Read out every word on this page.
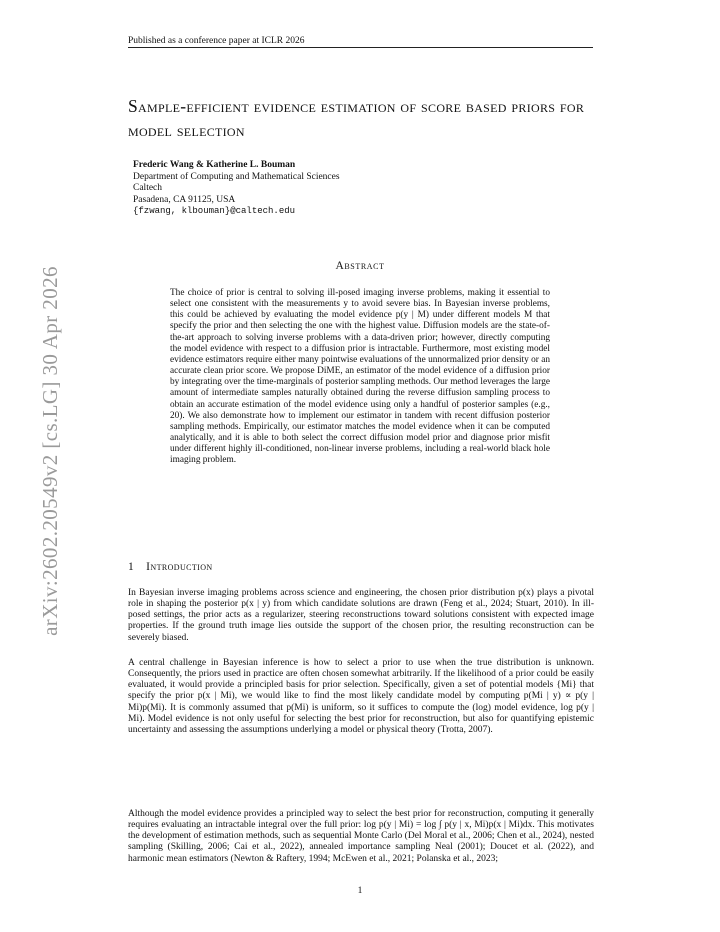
Published as a conference paper at ICLR 2026
arXiv:2602.20549v2 [cs.LG] 30 Apr 2026
Sample-efficient evidence estimation of score based priors for model selection
Frederic Wang & Katherine L. Bouman
Department of Computing and Mathematical Sciences
Caltech
Pasadena, CA 91125, USA
{fzwang, klbouman}@caltech.edu
Abstract
The choice of prior is central to solving ill-posed imaging inverse problems, making it essential to select one consistent with the measurements y to avoid severe bias. In Bayesian inverse problems, this could be achieved by evaluating the model evidence p(y | M) under different models M that specify the prior and then selecting the one with the highest value. Diffusion models are the state-of-the-art approach to solving inverse problems with a data-driven prior; however, directly computing the model evidence with respect to a diffusion prior is intractable. Furthermore, most existing model evidence estimators require either many pointwise evaluations of the unnormalized prior density or an accurate clean prior score. We propose DiME, an estimator of the model evidence of a diffusion prior by integrating over the time-marginals of posterior sampling methods. Our method leverages the large amount of intermediate samples naturally obtained during the reverse diffusion sampling process to obtain an accurate estimation of the model evidence using only a handful of posterior samples (e.g., 20). We also demonstrate how to implement our estimator in tandem with recent diffusion posterior sampling methods. Empirically, our estimator matches the model evidence when it can be computed analytically, and it is able to both select the correct diffusion model prior and diagnose prior misfit under different highly ill-conditioned, non-linear inverse problems, including a real-world black hole imaging problem.
1 Introduction
In Bayesian inverse imaging problems across science and engineering, the chosen prior distribution p(x) plays a pivotal role in shaping the posterior p(x | y) from which candidate solutions are drawn (Feng et al., 2024; Stuart, 2010). In ill-posed settings, the prior acts as a regularizer, steering reconstructions toward solutions consistent with expected image properties. If the ground truth image lies outside the support of the chosen prior, the resulting reconstruction can be severely biased.
A central challenge in Bayesian inference is how to select a prior to use when the true distribution is unknown. Consequently, the priors used in practice are often chosen somewhat arbitrarily. If the likelihood of a prior could be easily evaluated, it would provide a principled basis for prior selection. Specifically, given a set of potential models {Mi} that specify the prior p(x | Mi), we would like to find the most likely candidate model by computing p(Mi | y) ∝ p(y | Mi)p(Mi). It is commonly assumed that p(Mi) is uniform, so it suffices to compute the (log) model evidence, log p(y | Mi). Model evidence is not only useful for selecting the best prior for reconstruction, but also for quantifying epistemic uncertainty and assessing the assumptions underlying a model or physical theory (Trotta, 2007).
Although the model evidence provides a principled way to select the best prior for reconstruction, computing it generally requires evaluating an intractable integral over the full prior: log p(y | Mi) = log ∫ p(y | x, Mi)p(x | Mi)dx. This motivates the development of estimation methods, such as sequential Monte Carlo (Del Moral et al., 2006; Chen et al., 2024), nested sampling (Skilling, 2006; Cai et al., 2022), annealed importance sampling Neal (2001); Doucet et al. (2022), and harmonic mean estimators (Newton & Raftery, 1994; McEwen et al., 2021; Polanska et al., 2023;
1
